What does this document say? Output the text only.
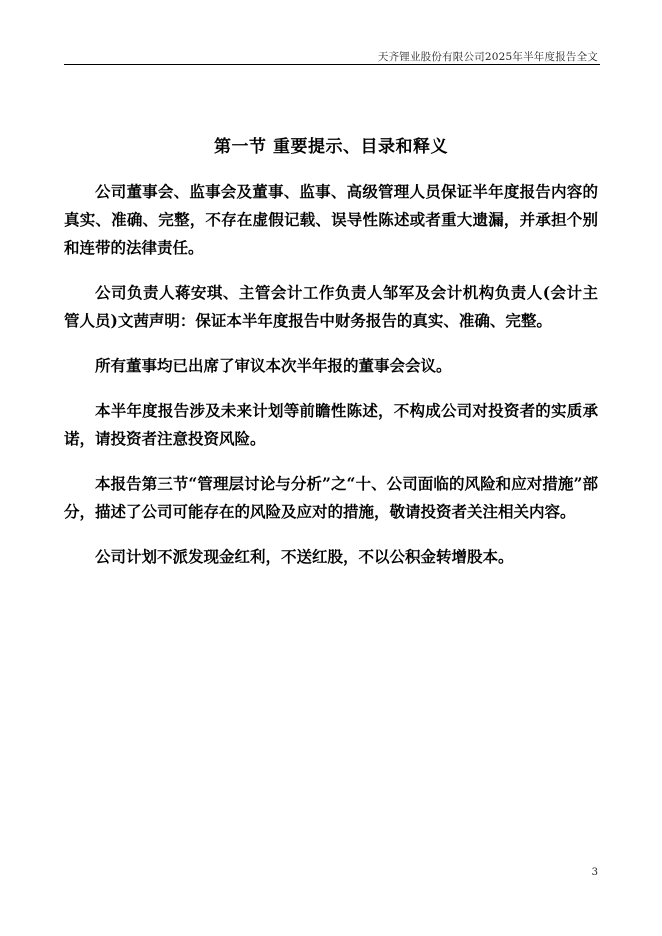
天齐锂业股份有限公司2025年半年度报告全文
第一节 重要提示、目录和释义

公司董事会、监事会及董事、监事、高级管理人员保证半年度报告内容的真实、准确、完整，不存在虚假记载、误导性陈述或者重大遗漏，并承担个别和连带的法律责任。

公司负责人蒋安琪、主管会计工作负责人邹军及会计机构负责人(会计主管人员)文茜声明：保证本半年度报告中财务报告的真实、准确、完整。

所有董事均已出席了审议本次半年报的董事会会议。

本半年度报告涉及未来计划等前瞻性陈述，不构成公司对投资者的实质承诺，请投资者注意投资风险。

本报告第三节“管理层讨论与分析”之“十、公司面临的风险和应对措施”部分，描述了公司可能存在的风险及应对的措施，敬请投资者关注相关内容。

公司计划不派发现金红利，不送红股，不以公积金转增股本。

3
